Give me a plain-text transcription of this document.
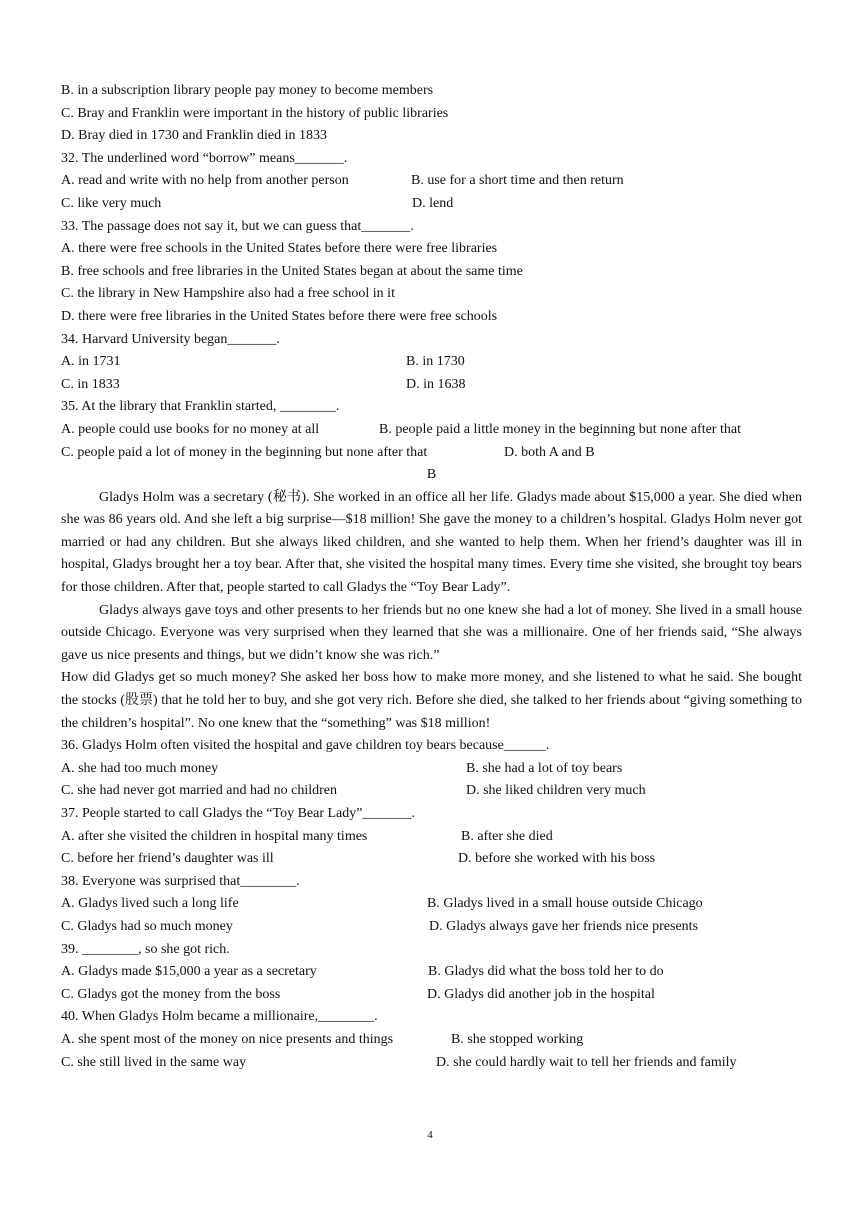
B. in a subscription library people pay money to become members
C. Bray and Franklin were important in the history of public libraries
D. Bray died in 1730 and Franklin died in 1833
32. The underlined word “borrow” means_______.
A. read and write with no help from another person	B. use for a short time and then return
C. like very much	D. lend
33. The passage does not say it, but we can guess that_______.
A. there were free schools in the United States before there were free libraries
B. free schools and free libraries in the United States began at about the same time
C. the library in New Hampshire also had a free school in it
D. there were free libraries in the United States before there were free schools
34. Harvard University began_______.
A. in 1731	B. in 1730
C. in 1833	D. in 1638
35. At the library that Franklin started, ________.
A. people could use books for no money at all	B. people paid a little money in the beginning but none after that
C. people paid a lot of money in the beginning but none after that	D. both A and B
B

Gladys Holm was a secretary (秘书). She worked in an office all her life. Gladys made about $15,000 a year. She died when she was 86 years old. And she left a big surprise—$18 million! She gave the money to a children’s hospital. Gladys Holm never got married or had any children. But she always liked children, and she wanted to help them. When her friend’s daughter was ill in hospital, Gladys brought her a toy bear. After that, she visited the hospital many times. Every time she visited, she brought toy bears for those children. After that, people started to call Gladys the “Toy Bear Lady”.

Gladys always gave toys and other presents to her friends but no one knew she had a lot of money. She lived in a small house outside Chicago. Everyone was very surprised when they learned that she was a millionaire. One of her friends said, “She always gave us nice presents and things, but we didn’t know she was rich.”

How did Gladys get so much money? She asked her boss how to make more money, and she listened to what he said. She bought the stocks (股票) that he told her to buy, and she got very rich. Before she died, she talked to her friends about “giving something to the children’s hospital”. No one knew that the “something” was $18 million!

36. Gladys Holm often visited the hospital and gave children toy bears because______.
A. she had too much money	B. she had a lot of toy bears
C. she had never got married and had no children	D. she liked children very much
37. People started to call Gladys the “Toy Bear Lady”_______.
A. after she visited the children in hospital many times	B. after she died
C. before her friend’s daughter was ill	D. before she worked with his boss
38. Everyone was surprised that________.
A. Gladys lived such a long life	B. Gladys lived in a small house outside Chicago
C. Gladys had so much money	D. Gladys always gave her friends nice presents
39. ________, so she got rich.
A. Gladys made $15,000 a year as a secretary	B. Gladys did what the boss told her to do
C. Gladys got the money from the boss	D. Gladys did another job in the hospital
40. When Gladys Holm became a millionaire,________.
A. she spent most of the money on nice presents and things	B. she stopped working
C. she still lived in the same way	D. she could hardly wait to tell her friends and family
4
